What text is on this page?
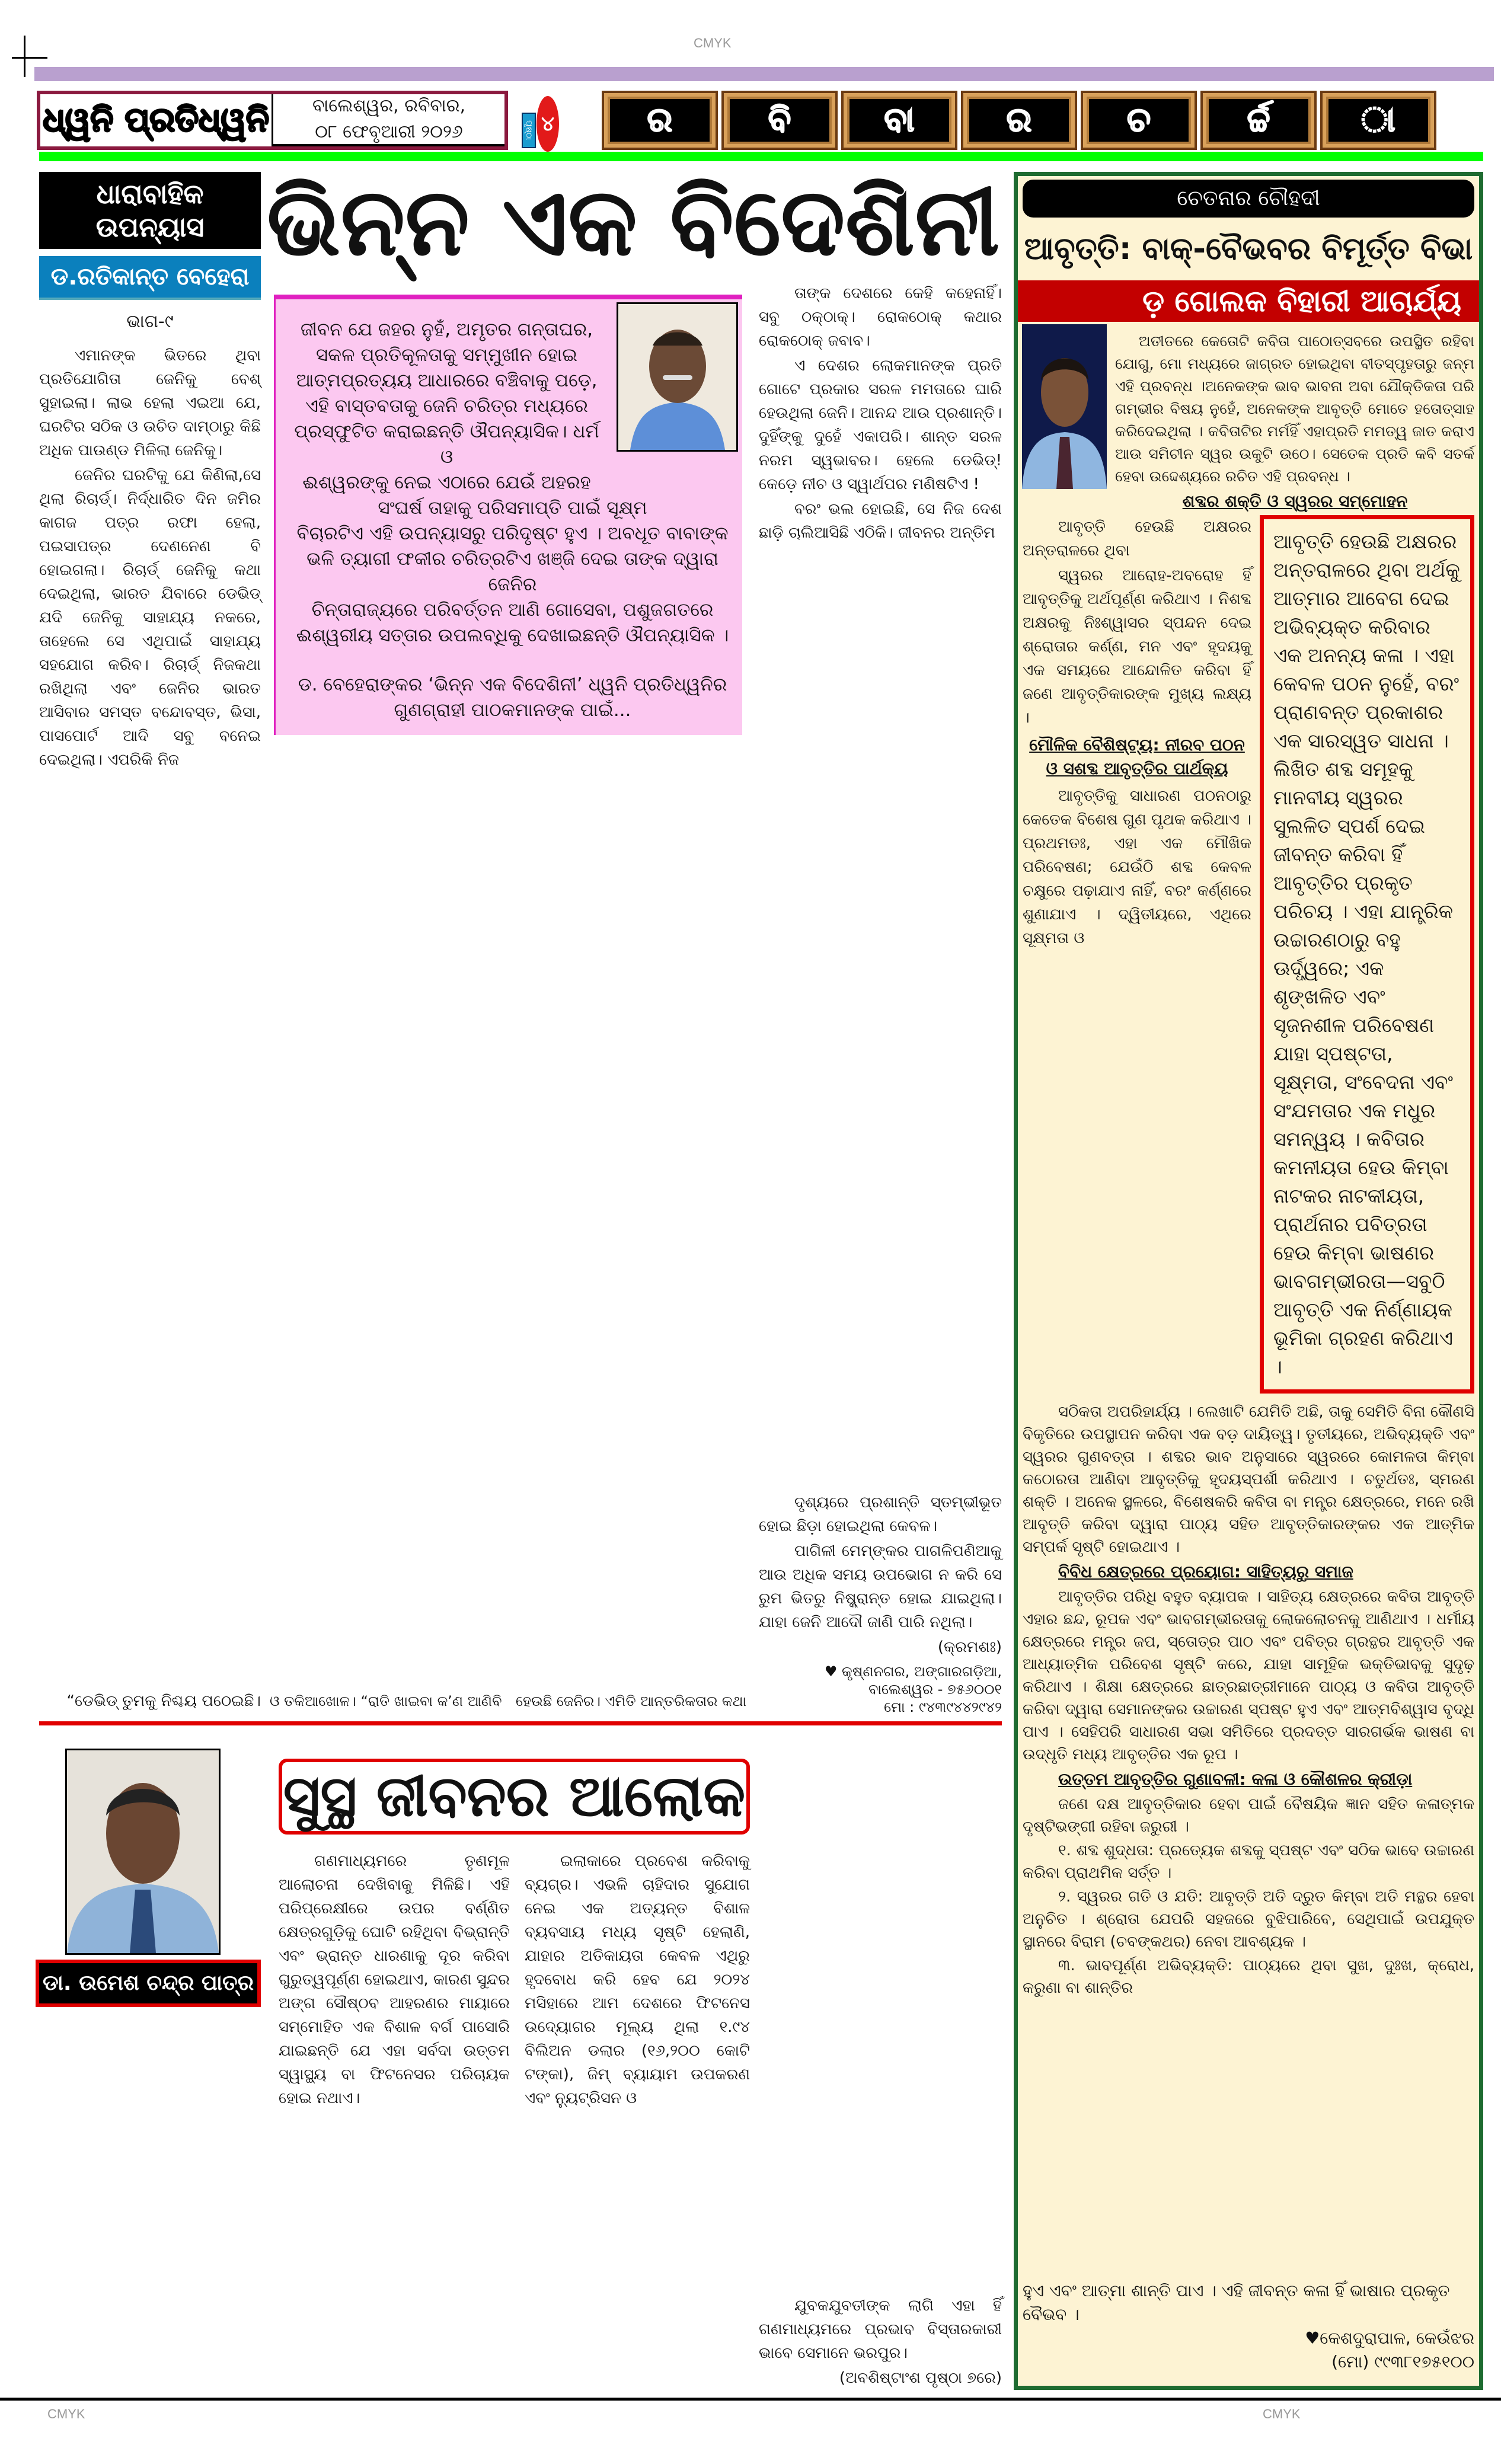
CMYK
ଧ୍ୱନି ପ୍ରତିଧ୍ୱନି ବାଲେଶ୍ୱର, ରବିବାର,
୦୮ ଫେବୃଆରୀ ୨୦୨୬	ପୃଷ୍ଠା ୪	ର	ବି	ବା	ର	ଚ	ର୍ଚ୍ଚ	ା
ଧାରାବାହିକ
ଉପନ୍ୟାସ
ଡ.ରତିକାନ୍ତ ବେହେରା
ଭାଗ-୯
ଭିନ୍ନ ଏକ ବିଦେଶିନୀ

ଜୀବନ ଯେ ଜହର ନୁହଁ, ଅମୃତର ଗନ୍ତାଘର,

ସକଳ ପ୍ରତିକୂଳତାକୁ ସମ୍ମୁଖୀନ ହୋଇ

ଆତ୍ମପ୍ରତ୍ୟୟ ଆଧାରରେ ବଞ୍ଚିବାକୁ ପଡ଼େ,

ଏହି ବାସ୍ତବତାକୁ ଜେନି ଚରିତ୍ର ମଧ୍ୟରେ

ପ୍ରସ୍ଫୁଟିତ କରାଇଛନ୍ତି ଔପନ୍ୟାସିକ। ଧର୍ମ ଓ

ଈଶ୍ୱରଙ୍କୁ ନେଇ ଏଠାରେ ଯେଉଁ ଅହରହ

ସଂଘର୍ଷ ତାହାକୁ ପରିସମାପ୍ତି ପାଇଁ ସୂକ୍ଷ୍ମ

ବିଚାରଟିଏ ଏହି ଉପନ୍ୟାସରୁ ପରିଦୃଷ୍ଟ ହୁଏ । ଅବଧୂତ ବାବାଙ୍କ

ଭଳି ତ୍ୟାଗୀ ଫକୀର ଚରିତ୍ରଟିଏ ଖଞ୍ଜି ଦେଇ ତାଙ୍କ ଦ୍ୱାରା ଜେନିର

ଚିନ୍ତାରାଜ୍ୟରେ ପରିବର୍ତ୍ତନ ଆଣି ଗୋସେବା, ପଶୁଜଗତରେ

ଈଶ୍ୱରୀୟ ସତ୍ତାର ଉପଲବ୍ଧିକୁ ଦେଖାଇଛନ୍ତି ଔପନ୍ୟାସିକ ।

ଡ. ବେହେରାଙ୍କର ‘ଭିନ୍ନ ଏକ ବିଦେଶିନୀ’ ଧ୍ୱନି ପ୍ରତିଧ୍ୱନିର

ଗୁଣଗ୍ରାହୀ ପାଠକମାନଙ୍କ ପାଇଁ...

ଏମାନଙ୍କ ଭିତରେ ଥିବା ପ୍ରତିଯୋଗିତା ଜେନିକୁ ବେଶ୍ ସୁହାଇଲା। ଲାଭ ହେଲା ଏଇଆ ଯେ, ଘରଟିର ସଠିକ ଓ ଉଚିତ ଦାମ୍‌ଠାରୁ କିଛି ଅଧିକ ପାଉଣ୍ଡ ମିଳିଲା ଜେନିକୁ।

ଜେନିର ଘରଟିକୁ ଯେ କିଣିଲା,ସେ ଥିଲା ରିଚାର୍ଡ୍। ନିର୍ଦ୍ଧାରିତ ଦିନ ଜମିର କାଗଜ ପତ୍ର ରଫା ହେଲା, ପଇସାପତ୍ର ଦେଣନେଣ ବି ହୋଇଗଲା। ରିଚାର୍ଡ୍ ଜେନିକୁ କଥା ଦେଇଥିଲା, ଭାରତ ଯିବାରେ ଡେଭିଡ୍ ଯଦି ଜେନିକୁ ସାହାଯ୍ୟ ନକରେ, ତାହେଲେ ସେ ଏଥିପାଇଁ ସାହାଯ୍ୟ ସହଯୋଗ କରିବ। ରିଚାର୍ଡ୍ ନିଜକଥା ରଖିଥିଲା ଏବଂ ଜେନିର ଭାରତ ଆସିବାର ସମସ୍ତ ବନ୍ଦୋବସ୍ତ, ଭିସା, ପାସପୋର୍ଟ ଆଦି ସବୁ ବନେଇ ଦେଇଥିଲା। ଏପରିକି ନିଜ

ତାଙ୍କ ଦେଶରେ କେହି କହେନାହିଁ। ସବୁ ଠକ୍‌ଠାକ୍। ରୋକଠୋକ୍ କଥାର ରୋକଠୋକ୍ ଜବାବ।

ଏ ଦେଶର ଲୋକମାନଙ୍କ ପ୍ରତି ଗୋଟେ ପ୍ରକାର ସରଳ ମମତାରେ ଘାରି ହେଉଥିଲା ଜେନି। ଆନନ୍ଦ ଆଉ ପ୍ରଶାନ୍ତି। ଦୁହିଁଙ୍କୁ ଦୁହେଁ ଏକାପରି। ଶାନ୍ତ ସରଳ ନରମ ସ୍ୱଭାବର। ହେଲେ ଡେଭିଡ୍! କେଡ଼େ ନୀଚ ଓ ସ୍ୱାର୍ଥପର ମଣିଷଟିଏ !

ବରଂ ଭଲ ହୋଇଛି, ସେ ନିଜ ଦେଶ ଛାଡ଼ି ଚାଲିଆସିଛି ଏଠିକି। ଜୀବନର ଅନ୍ତିମ

“ଡେଭିଡ୍ ତୁମକୁ ନିଶ୍ଚୟ ପଠେଇଛି। ଓ ତକିଆଖୋଳ। “ରାତି ଖାଇବା କ’ଣ ଆଣିବି ହେଉଛି ଜେନିର। ଏମିତି ଆନ୍ତରିକତାର କଥା

ଦୃଶ୍ୟରେ ପ୍ରଶାନ୍ତି ସ୍ତମ୍ଭୀଭୂତ ହୋଇ ଛିଡ଼ା ହୋଇଥିଲା କେବଳ।

ପାଗିଳୀ ମେମ୍‌ଙ୍କର ପାଗଳିପଣିଆକୁ ଆଉ ଅଧିକ ସମୟ ଉପଭୋଗ ନ କରି ସେ ରୁମ ଭିତରୁ ନିଷ୍କ୍ରାନ୍ତ ହୋଇ ଯାଇଥିଲା। ଯାହା ଜେନି ଆଦୌ ଜାଣି ପାରି ନଥିଲା।

(କ୍ରମଶଃ)
♥ କୃଷ୍ଣନଗର, ଅଙ୍ଗାରଗଡ଼ିଆ,
ବାଲେଶ୍ୱର - ୭୫୬୦୦୧
ମୋ : ୯୪୩୯୪୪୨୯୪୨
ଡା. ଉମେଶ ଚନ୍ଦ୍ର ପାତ୍ର
ସୁସ୍ଥ ଜୀବନର ଆଲୋକ

ଗଣମାଧ୍ୟମରେ ତୃଣମୂଳ ଆଲୋଚନା ଦେଖିବାକୁ ମିଳିଛି। ଏହି ପରିପ୍ରେକ୍ଷୀରେ ଉପର ବର୍ଣ୍ଣିତ କ୍ଷେତ୍ରଗୁଡ଼ିକୁ ଘୋଟି ରହିଥିବା ବିଭ୍ରାନ୍ତି ଏବଂ ଭ୍ରାନ୍ତ ଧାରଣାକୁ ଦୂର କରିବା ଗୁରୁତ୍ୱପୂର୍ଣ୍ଣ ହୋଇଥାଏ, କାରଣ ସୁନ୍ଦର ଅଙ୍ଗ ସୌଷ୍ଠବ ଆହରଣର ମାୟାରେ ସମ୍ମୋହିତ ଏକ ବିଶାଳ ବର୍ଗ ପାସୋରି ଯାଇଛନ୍ତି ଯେ ଏହା ସର୍ବଦା ଉତ୍ତମ ସ୍ୱାସ୍ଥ୍ୟ ବା ଫିଟନେସର ପରିଚାୟକ ହୋଇ ନଥାଏ।

ଇଲାକାରେ ପ୍ରବେଶ କରିବାକୁ ବ୍ୟଗ୍ର। ଏଭଳି ଚାହିଦାର ସୁଯୋଗ ନେଇ ଏକ ଅତ୍ୟନ୍ତ ବିଶାଳ ବ୍ୟବସାୟ ମଧ୍ୟ ସୃଷ୍ଟି ହେଲାଣି, ଯାହାର ଅତିକାୟତା କେବଳ ଏଥିରୁ ହୃଦବୋଧ କରି ହେବ ଯେ ୨୦୨୪ ମସିହାରେ ଆମ ଦେଶରେ ଫିଟନେସ ଉଦ୍ୟୋଗର ମୂଲ୍ୟ ଥିଲା ୧.୯୪ ବିଲିଅନ ଡଲାର (୧୬,୨୦୦ କୋଟି ଟଙ୍କା), ଜିମ୍ ବ୍ୟାୟାମ ଉପକରଣ ଏବଂ ନ୍ୟୁଟ୍ରିସନ ଓ

ଯୁବକଯୁବତୀଙ୍କ ଲାଗି ଏହା ହିଁ ଗଣମାଧ୍ୟମରେ ପ୍ରଭାବ ବିସ୍ତାରକାରୀ ଭାବେ ସେମାନେ ଭରପୁର।

(ଅବଶିଷ୍ଟାଂଶ ପୃଷ୍ଠା ୭ରେ)
ଚେତନାର ଚୌହଦୀ
ଆବୃତ୍ତି: ବାକ୍-ବୈଭବର ବିମୂର୍ତ୍ତ ବିଭା
ଡ଼ ଗୋଲକ ବିହାରୀ ଆଚାର୍ଯ୍ୟ
ଅତୀତରେ କେତୋଟି କବିତା ପାଠୋତ୍ସବରେ ଉପସ୍ଥିତ ରହିବା ଯୋଗୁ, ମୋ ମଧ୍ୟରେ ଜାଗ୍ରତ ହୋଇଥିବା ବୀତସ୍ପୃହତାରୁ ଜନ୍ମ ଏହି ପ୍ରବନ୍ଧ ।ଅନେକଙ୍କ ଭାବ ଭାବନା ଅବା ଯୌକ୍ତିକତା ପରି ଗମ୍ଭୀର ବିଷୟ ନୁହେଁ, ଅନେକଙ୍କ ଆବୃତ୍ତି ମୋତେ ହତୋତ୍ସାହ କରିଦେଇଥିଲା । କବିତାଟିର ମର୍ମହିଁ ଏହାପ୍ରତି ମମତ୍ୱ ଜାତ କରାଏ ଆଉ ସମିଚୀନ ସ୍ୱର ଉକୁଟି ଉଠେ। ସେତେକ ପ୍ରତି କବି ସତର୍କ ହେବା ଉଦ୍ଦେଶ୍ୟରେ ରଚିତ ଏହି ପ୍ରବନ୍ଧ ।
ଶବ୍ଦର ଶକ୍ତି ଓ ସ୍ୱରର ସମ୍ମୋହନ
ଆବୃତ୍ତି ହେଉଛି ଅକ୍ଷରର ଅନ୍ତରାଳରେ ଥିବା ଅର୍ଥକୁ ଆତ୍ମାର ଆବେଗ ଦେଇ ଅଭିବ୍ୟକ୍ତ କରିବାର ଏକ ଅନନ୍ୟ କଳା । ଏହା କେବଳ ପଠନ ନୁହେଁ, ବରଂ ପ୍ରାଣବନ୍ତ ପ୍ରକାଶର ଏକ ସାରସ୍ୱତ ସାଧନା । ଲିଖିତ ଶବ୍ଦ ସମୂହକୁ ମାନବୀୟ ସ୍ୱରର ସୁଲଳିତ ସ୍ପର୍ଶ ଦେଇ ଜୀବନ୍ତ କରିବା ହିଁ ଆବୃତ୍ତିର ପ୍ରକୃତ ପରିଚୟ । ଏହା ଯାନ୍ତ୍ରିକ ଉଚ୍ଚାରଣଠାରୁ ବହୁ ଊର୍ଦ୍ଧ୍ୱରେ; ଏକ ଶୃଙ୍ଖଳିତ ଏବଂ ସୃଜନଶୀଳ ପରିବେଷଣ ଯାହା ସ୍ପଷ୍ଟତା, ସୂକ୍ଷ୍ମତା, ସଂବେଦନା ଏବଂ ସଂଯମତାର ଏକ ମଧୁର ସମନ୍ୱୟ । କବିତାର କମନୀୟତା ହେଉ କିମ୍ବା ନାଟକର ନାଟକୀୟତା, ପ୍ରାର୍ଥନାର ପବିତ୍ରତା ହେଉ କିମ୍ବା ଭାଷଣର ଭାବଗମ୍ଭୀରତା—ସବୁଠି ଆବୃତ୍ତି ଏକ ନିର୍ଣ୍ଣାୟକ ଭୂମିକା ଗ୍ରହଣ କରିଥାଏ ।

ଆବୃତ୍ତି ହେଉଛି ଅକ୍ଷରର ଅନ୍ତରାଳରେ ଥିବା

ସ୍ୱରର ଆରୋହ-ଅବରୋହ ହିଁ ଆବୃତ୍ତିକୁ ଅର୍ଥପୂର୍ଣ୍ଣ କରିଥାଏ । ନିଶବ୍ଦ ଅକ୍ଷରକୁ ନିଃଶ୍ୱାସର ସ୍ପନ୍ଦନ ଦେଇ ଶ୍ରୋତାର କର୍ଣ୍ଣ, ମନ ଏବଂ ହୃଦୟକୁ ଏକ ସମୟରେ ଆନ୍ଦୋଳିତ କରିବା ହିଁ ଜଣେ ଆବୃତ୍ତିକାରଙ୍କ ମୁଖ୍ୟ ଲକ୍ଷ୍ୟ ।

ମୌଳିକ ବୈଶିଷ୍ଟ୍ୟ: ନୀରବ ପଠନ ଓ ସଶବ୍ଦ ଆବୃତ୍ତିର ପାର୍ଥକ୍ୟ

ଆବୃତ୍ତିକୁ ସାଧାରଣ ପଠନଠାରୁ କେତେକ ବିଶେଷ ଗୁଣ ପୃଥକ କରିଥାଏ । ପ୍ରଥମତଃ, ଏହା ଏକ ମୌଖିକ ପରିବେଷଣ; ଯେଉଁଠି ଶବ୍ଦ କେବଳ ଚକ୍ଷୁରେ ପଢ଼ାଯାଏ ନାହିଁ, ବରଂ କର୍ଣ୍ଣରେ ଶୁଣାଯାଏ । ଦ୍ୱିତୀୟରେ, ଏଥିରେ ସୂକ୍ଷ୍ମତା ଓ

ସଠିକତା ଅପରିହାର୍ଯ୍ୟ । ଲେଖାଟି ଯେମିତି ଅଛି, ତାକୁ ସେମିତି ବିନା କୌଣସି ବିକୃତିରେ ଉପସ୍ଥାପନ କରିବା ଏକ ବଡ଼ ଦାୟିତ୍ୱ। ତୃତୀୟରେ, ଅଭିବ୍ୟକ୍ତି ଏବଂ ସ୍ୱରର ଗୁଣବତ୍ତା । ଶବ୍ଦର ଭାବ ଅନୁସାରେ ସ୍ୱରରେ କୋମଳତା କିମ୍ବା କଠୋରତା ଆଣିବା ଆବୃତ୍ତିକୁ ହୃଦୟସ୍ପର୍ଶୀ କରିଥାଏ । ଚତୁର୍ଥତଃ, ସ୍ମରଣ ଶକ୍ତି । ଅନେକ ସ୍ଥଳରେ, ବିଶେଷକରି କବିତା ବା ମନ୍ତ୍ର କ୍ଷେତ୍ରରେ, ମନେ ରଖି ଆବୃତ୍ତି କରିବା ଦ୍ୱାରା ପାଠ୍ୟ ସହିତ ଆବୃତ୍ତିକାରଙ୍କର ଏକ ଆତ୍ମିକ ସମ୍ପର୍କ ସୃଷ୍ଟି ହୋଇଥାଏ ।

ବିବିଧ କ୍ଷେତ୍ରରେ ପ୍ରୟୋଗ: ସାହିତ୍ୟରୁ ସମାଜ

ଆବୃତ୍ତିର ପରିଧି ବହୁତ ବ୍ୟାପକ । ସାହିତ୍ୟ କ୍ଷେତ୍ରରେ କବିତା ଆବୃତ୍ତି ଏହାର ଛନ୍ଦ, ରୂପକ ଏବଂ ଭାବଗମ୍ଭୀରତାକୁ ଲୋକଲୋଚନକୁ ଆଣିଥାଏ । ଧର୍ମୀୟ କ୍ଷେତ୍ରରେ ମନ୍ତ୍ର ଜପ, ସ୍ତୋତ୍ର ପାଠ ଏବଂ ପବିତ୍ର ଗ୍ରନ୍ଥର ଆବୃତ୍ତି ଏକ ଆଧ୍ୟାତ୍ମିକ ପରିବେଶ ସୃଷ୍ଟି କରେ, ଯାହା ସାମୂହିକ ଭକ୍ତିଭାବକୁ ସୁଦୃଢ଼ କରିଥାଏ । ଶିକ୍ଷା କ୍ଷେତ୍ରରେ ଛାତ୍ରଛାତ୍ରୀମାନେ ପାଠ୍ୟ ଓ କବିତା ଆବୃତ୍ତି କରିବା ଦ୍ୱାରା ସେମାନଙ୍କର ଉଚ୍ଚାରଣ ସ୍ପଷ୍ଟ ହୁଏ ଏବଂ ଆତ୍ମବିଶ୍ୱାସ ବୃଦ୍ଧି ପାଏ । ସେହିପରି ସାଧାରଣ ସଭା ସମିତିରେ ପ୍ରଦତ୍ତ ସାରଗର୍ଭକ ଭାଷଣ ବା ଉଦ୍ଧୃତି ମଧ୍ୟ ଆବୃତ୍ତିର ଏକ ରୂପ ।

ଉତ୍ତମ ଆବୃତ୍ତିର ଗୁଣାବଳୀ: କଳା ଓ କୌଶଳର କ୍ରୀଡ଼ା

ଜଣେ ଦକ୍ଷ ଆବୃତ୍ତିକାର ହେବା ପାଇଁ ବୈଷୟିକ ଜ୍ଞାନ ସହିତ କଳାତ୍ମକ ଦୃଷ୍ଟିଭଙ୍ଗୀ ରହିବା ଜରୁରୀ ।

୧. ଶବ୍ଦ ଶୁଦ୍ଧତା: ପ୍ରତ୍ୟେକ ଶବ୍ଦକୁ ସ୍ପଷ୍ଟ ଏବଂ ସଠିକ ଭାବେ ଉଚ୍ଚାରଣ କରିବା ପ୍ରାଥମିକ ସର୍ତ୍ତ ।

୨. ସ୍ୱରର ଗତି ଓ ଯତି: ଆବୃତ୍ତି ଅତି ଦ୍ରୁତ କିମ୍ବା ଅତି ମନ୍ଥର ହେବା ଅନୁଚିତ । ଶ୍ରୋତା ଯେପରି ସହଜରେ ବୁଝିପାରିବେ, ସେଥିପାଇଁ ଉପଯୁକ୍ତ ସ୍ଥାନରେ ବିରାମ (ଚବଙ୍କଥର) ନେବା ଆବଶ୍ୟକ ।

୩. ଭାବପୂର୍ଣ୍ଣ ଅଭିବ୍ୟକ୍ତି: ପାଠ୍ୟରେ ଥିବା ସୁଖ, ଦୁଃଖ, କ୍ରୋଧ, କରୁଣା ବା ଶାନ୍ତିର

ହୁଏ ଏବଂ ଆତ୍ମା ଶାନ୍ତି ପାଏ । ଏହି ଜୀବନ୍ତ କଳା ହିଁ ଭାଷାର ପ୍ରକୃତ ବୈଭବ ।
♥କେଶଦୁରାପାଳ, କେଉଁଝର
(ମୋ) ୯୯୩୮୧୭୫୧୦୦
CMYK	CMYK
